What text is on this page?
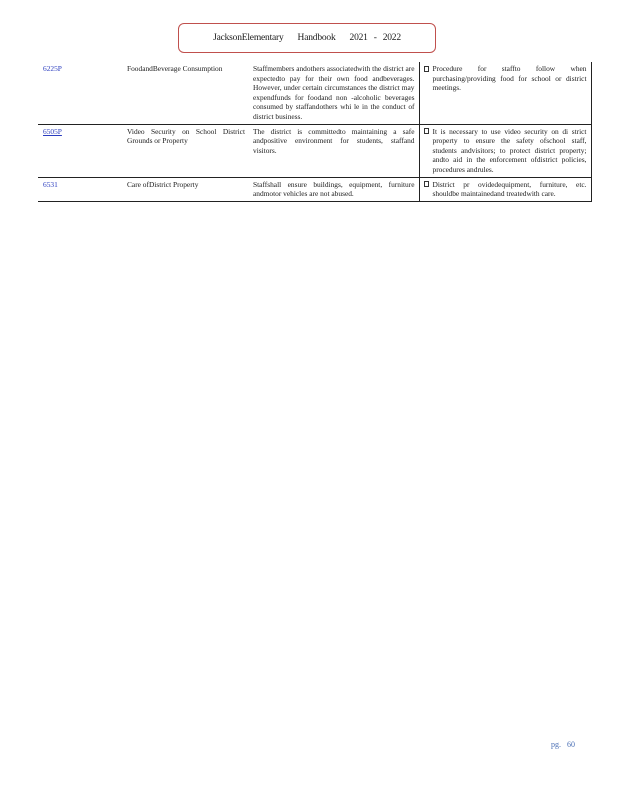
JacksonElementary Handbook 2021 - 2022
6225P	FoodandBeverage Consumption	Staffmembers andothers associatedwith the district are expectedto pay for their own food andbeverages. However, under certain circumstances the district may expendfunds for foodand non -alcoholic beverages consumed by staffandothers whi le in the conduct of district business.	Procedure for staffto follow when purchasing/providing food for school or district meetings.

6505P	Video Security on School District Grounds or Property	The district is committedto maintaining a safe andpositive environment for students, staffand visitors.	It is necessary to use video security on di strict property to ensure the safety ofschool staff, students andvisitors; to protect district property; andto aid in the enforcement ofdistrict policies, procedures andrules.

6531	Care ofDistrict Property	Staffshall ensure buildings, equipment, furniture andmotor vehicles are not abused.	District pr ovidedequipment, furniture, etc. shouldbe maintainedand treatedwith care.
pg. 60
